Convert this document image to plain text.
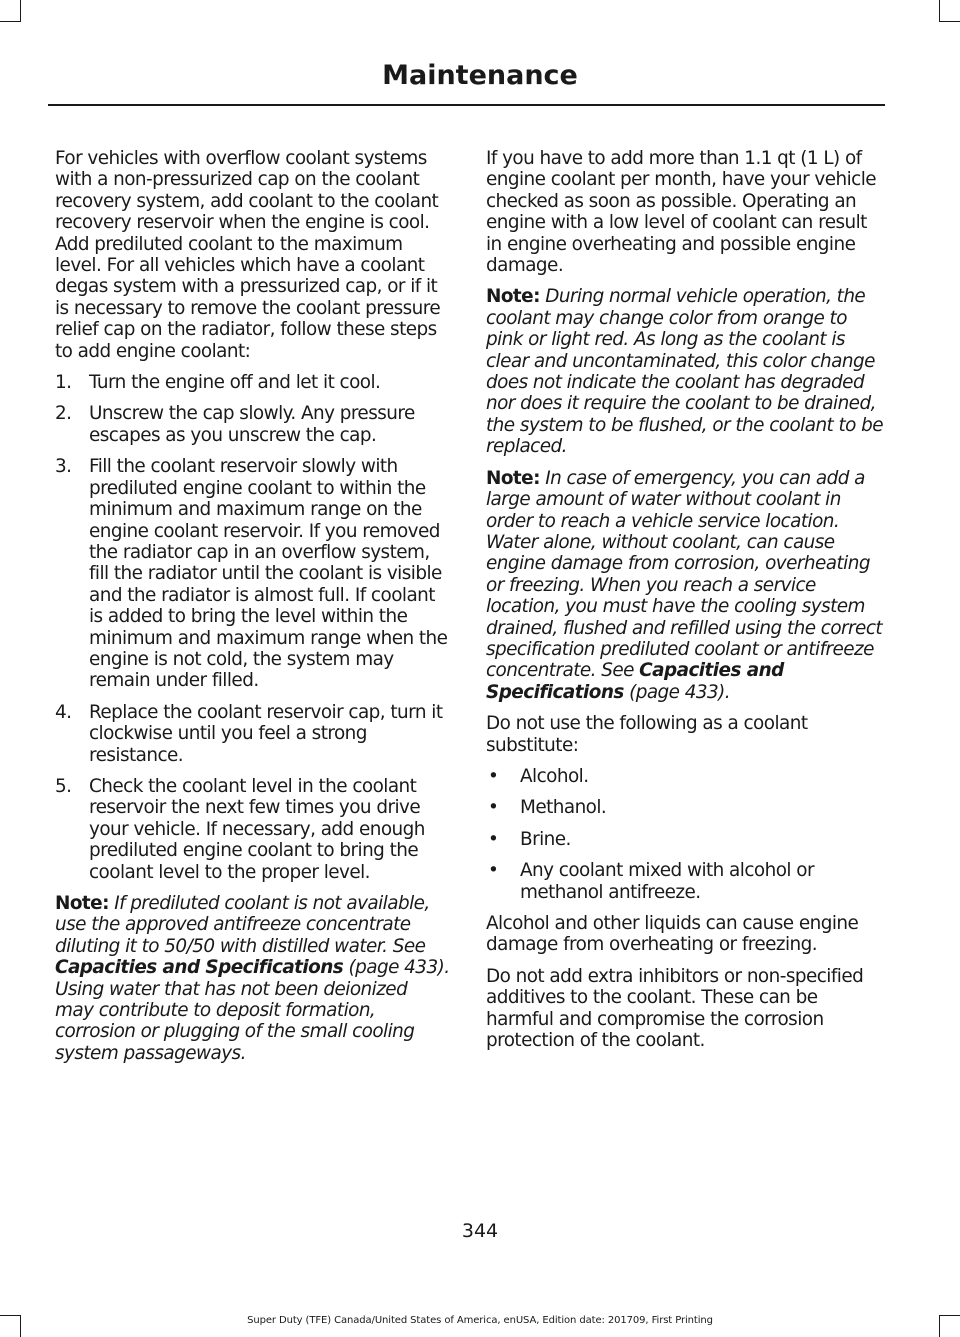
Maintenance

For vehicles with overflow coolant systems with a non-pressurized cap on the coolant recovery system, add coolant to the coolant recovery reservoir when the engine is cool. Add prediluted coolant to the maximum level. For all vehicles which have a coolant degas system with a pressurized cap, or if it is necessary to remove the coolant pressure relief cap on the radiator, follow these steps to add engine coolant:

1. Turn the engine off and let it cool.
2. Unscrew the cap slowly. Any pressure escapes as you unscrew the cap.
3. Fill the coolant reservoir slowly with prediluted engine coolant to within the minimum and maximum range on the engine coolant reservoir. If you removed the radiator cap in an overflow system, fill the radiator until the coolant is visible and the radiator is almost full. If coolant is added to bring the level within the minimum and maximum range when the engine is not cold, the system may remain under filled.
4. Replace the coolant reservoir cap, turn it clockwise until you feel a strong resistance.
5. Check the coolant level in the coolant reservoir the next few times you drive your vehicle. If necessary, add enough prediluted engine coolant to bring the coolant level to the proper level.

Note: If prediluted coolant is not available, use the approved antifreeze concentrate diluting it to 50/50 with distilled water. See Capacities and Specifications (page 433). Using water that has not been deionized may contribute to deposit formation, corrosion or plugging of the small cooling system passageways.

If you have to add more than 1.1 qt (1 L) of engine coolant per month, have your vehicle checked as soon as possible. Operating an engine with a low level of coolant can result in engine overheating and possible engine damage.

Note: During normal vehicle operation, the coolant may change color from orange to pink or light red. As long as the coolant is clear and uncontaminated, this color change does not indicate the coolant has degraded nor does it require the coolant to be drained, the system to be flushed, or the coolant to be replaced.

Note: In case of emergency, you can add a large amount of water without coolant in order to reach a vehicle service location. Water alone, without coolant, can cause engine damage from corrosion, overheating or freezing. When you reach a service location, you must have the cooling system drained, flushed and refilled using the correct specification prediluted coolant or antifreeze concentrate. See Capacities and Specifications (page 433).

Do not use the following as a coolant substitute:

• Alcohol.
• Methanol.
• Brine.
• Any coolant mixed with alcohol or methanol antifreeze.

Alcohol and other liquids can cause engine damage from overheating or freezing.

Do not add extra inhibitors or non-specified additives to the coolant. These can be harmful and compromise the corrosion protection of the coolant.

344
Super Duty (TFE) Canada/United States of America, enUSA, Edition date: 201709, First Printing
